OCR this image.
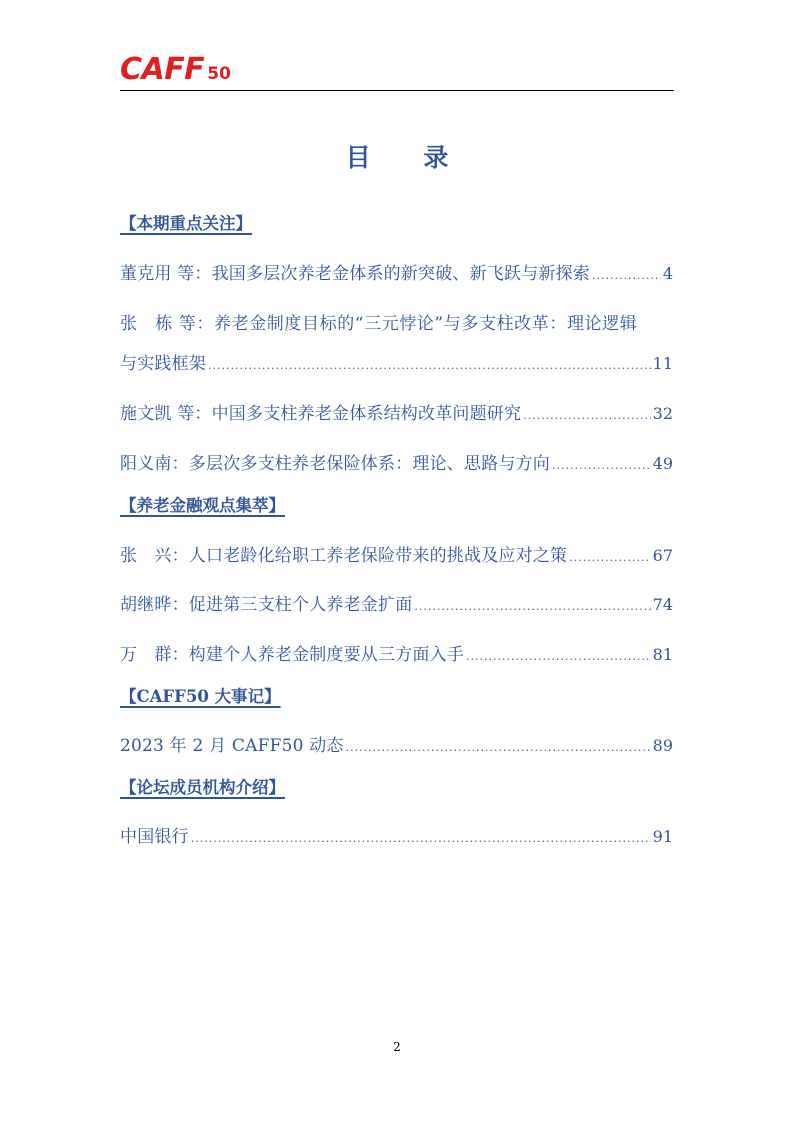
CAFF 50
目 录
【本期重点关注】
董克用 等：我国多层次养老金体系的新突破、新飞跃与新探索 .....	4
张　栋 等：养老金制度目标的“三元悖论”与多支柱改革：理论逻辑
与实践框架 .....	11
施文凯 等：中国多支柱养老金体系结构改革问题研究 .....	32
阳义南：多层次多支柱养老保险体系：理论、思路与方向 .....	49
【养老金融观点集萃】
张　兴：人口老龄化给职工养老保险带来的挑战及应对之策 .....	67
胡继晔：促进第三支柱个人养老金扩面 .....	74
万　群：构建个人养老金制度要从三方面入手 .....	81
【CAFF50 大事记】
2023 年 2 月 CAFF50 动态 .....	89
【论坛成员机构介绍】
中国银行 .....	91
2
